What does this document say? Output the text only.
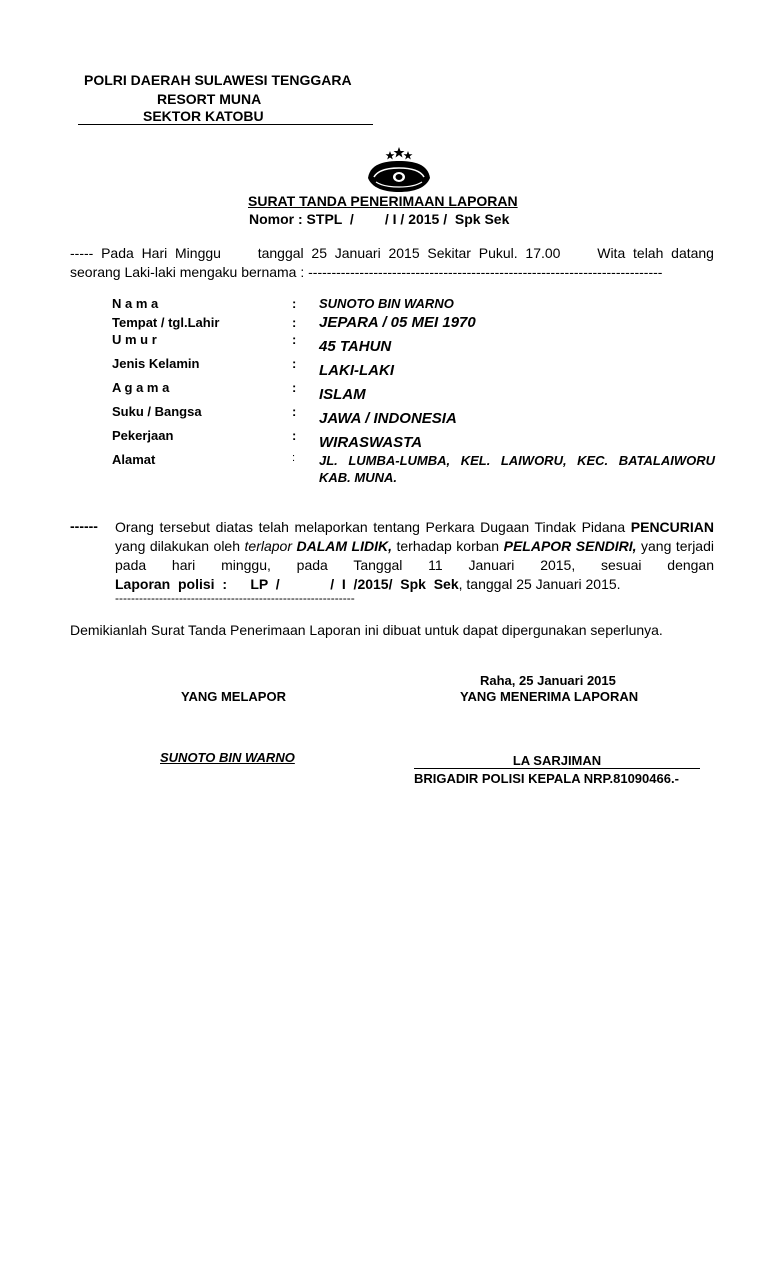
POLRI DAERAH SULAWESI TENGGARA
RESORT MUNA
SEKTOR KATOBU
SURAT TANDA PENERIMAAN LAPORAN
Nomor : STPL  /        / I / 2015 /  Spk Sek
-----  Pada  Hari  Minggu	tanggal  25  Januari  2015  Sekitar  Pukul.  17.00	Wita  telah  datang
seorang Laki-laki mengaku bernama : ----------------------------------------------------------------------------
N a m a	: SUNOTO BIN WARNO
Tempat / tgl.Lahir	: JEPARA / 05 MEI 1970
U m u r	: 45 TAHUN
Jenis Kelamin	: LAKI-LAKI
A g a m a	: ISLAM
Suku / Bangsa	: JAWA / INDONESIA
Pekerjaan	: WIRASWASTA
Alamat	: JL. LUMBA-LUMBA, KEL. LAIWORU, KEC. BATALAIWORU KAB. MUNA.
------ Orang tersebut diatas telah melaporkan tentang Perkara Dugaan Tindak Pidana PENCURIAN yang dilakukan oleh terlapor DALAM LIDIK, terhadap korban PELAPOR SENDIRI, yang terjadi pada hari minggu, pada Tanggal 11 Januari 2015, sesuai dengan Laporan  polisi  :      LP  /             /  I  /2015/  Spk  Sek, tanggal 25 Januari 2015.
------------------------------------------------------------
Demikianlah Surat Tanda Penerimaan Laporan ini dibuat untuk dapat dipergunakan seperlunya.
Raha, 25 Januari 2015
YANG MELAPOR	YANG MENERIMA LAPORAN
SUNOTO BIN WARNO	LA SARJIMAN
BRIGADIR POLISI KEPALA NRP.81090466.-
